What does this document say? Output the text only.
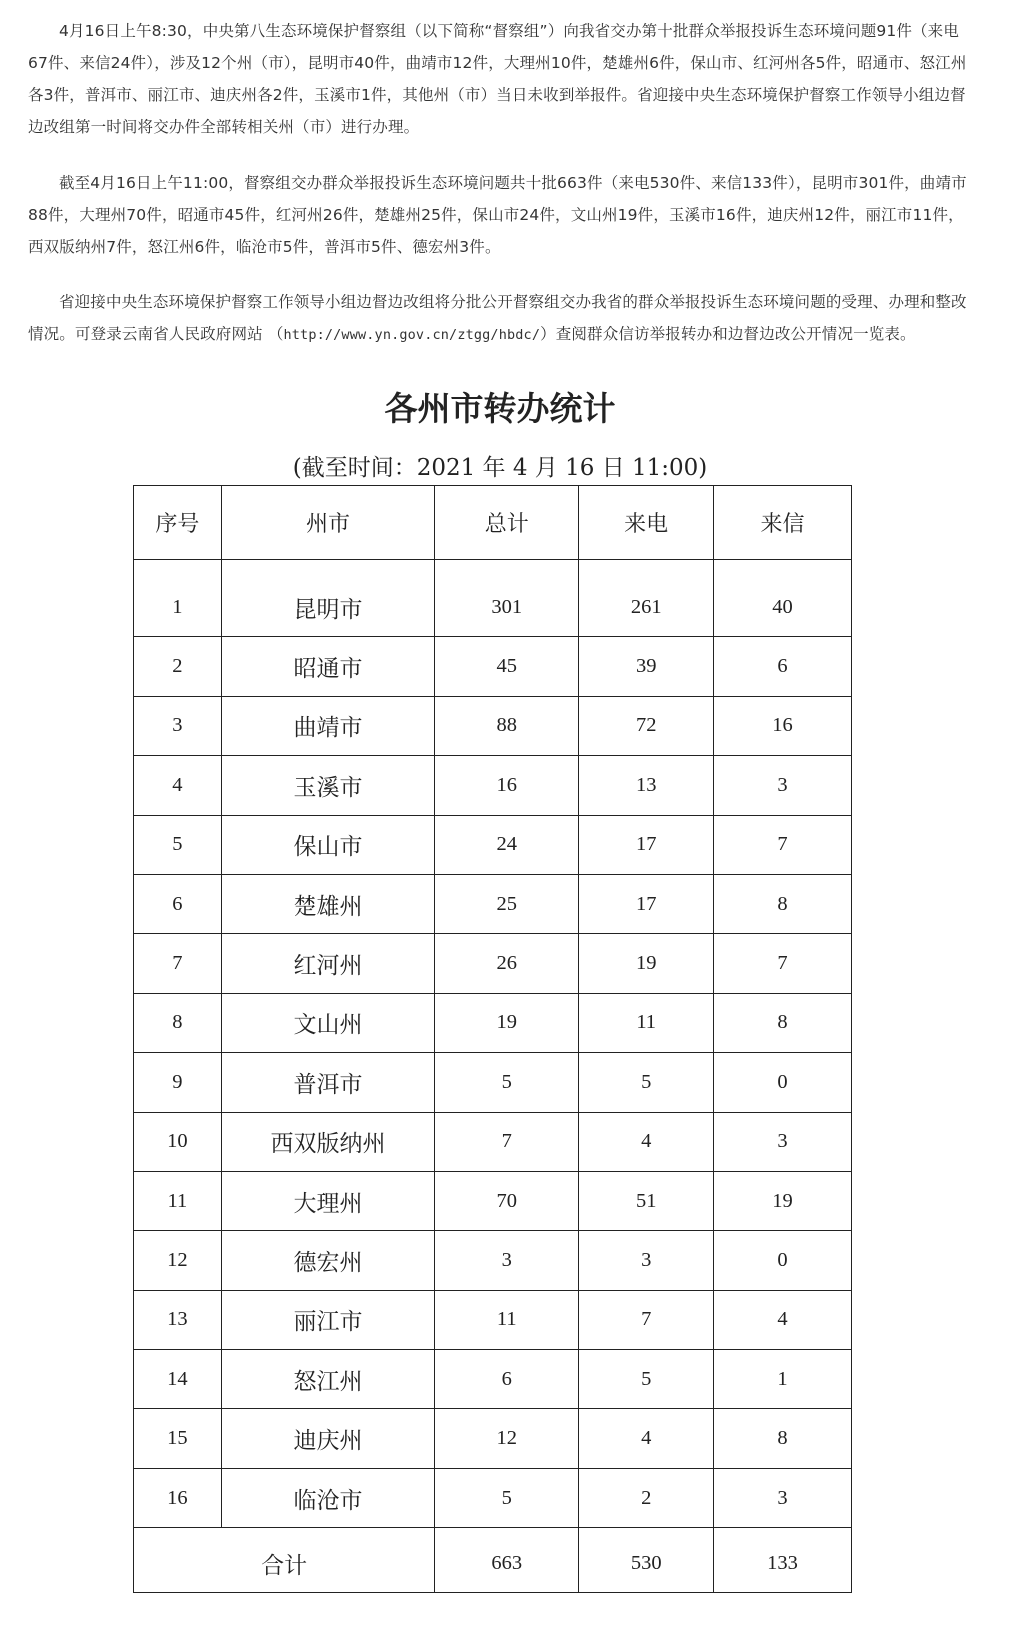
4月16日上午8:30，中央第八生态环境保护督察组（以下简称“督察组”）向我省交办第十批群众举报投诉生态环境问题91件（来电67件、来信24件），涉及12个州（市），昆明市40件，曲靖市12件，大理州10件，楚雄州6件，保山市、红河州各5件，昭通市、怒江州各3件，普洱市、丽江市、迪庆州各2件，玉溪市1件，其他州（市）当日未收到举报件。省迎接中央生态环境保护督察工作领导小组边督边改组第一时间将交办件全部转相关州（市）进行办理。

截至4月16日上午11:00，督察组交办群众举报投诉生态环境问题共十批663件（来电530件、来信133件），昆明市301件，曲靖市88件，大理州70件，昭通市45件，红河州26件，楚雄州25件，保山市24件，文山州19件，玉溪市16件，迪庆州12件，丽江市11件，西双版纳州7件，怒江州6件，临沧市5件，普洱市5件、德宏州3件。

省迎接中央生态环境保护督察工作领导小组边督边改组将分批公开督察组交办我省的群众举报投诉生态环境问题的受理、办理和整改情况。可登录云南省人民政府网站 （http://www.yn.gov.cn/ztgg/hbdc/）查阅群众信访举报转办和边督边改公开情况一览表。

各州市转办统计
(截至时间：2021 年 4 月 16 日 11:00)
序号	州市	总计	来电	来信
1	昆明市	301	261	40
2	昭通市	45	39	6
3	曲靖市	88	72	16
4	玉溪市	16	13	3
5	保山市	24	17	7
6	楚雄州	25	17	8
7	红河州	26	19	7
8	文山州	19	11	8
9	普洱市	5	5	0
10	西双版纳州	7	4	3
11	大理州	70	51	19
12	德宏州	3	3	0
13	丽江市	11	7	4
14	怒江州	6	5	1
15	迪庆州	12	4	8
16	临沧市	5	2	3
合计		663	530	133
